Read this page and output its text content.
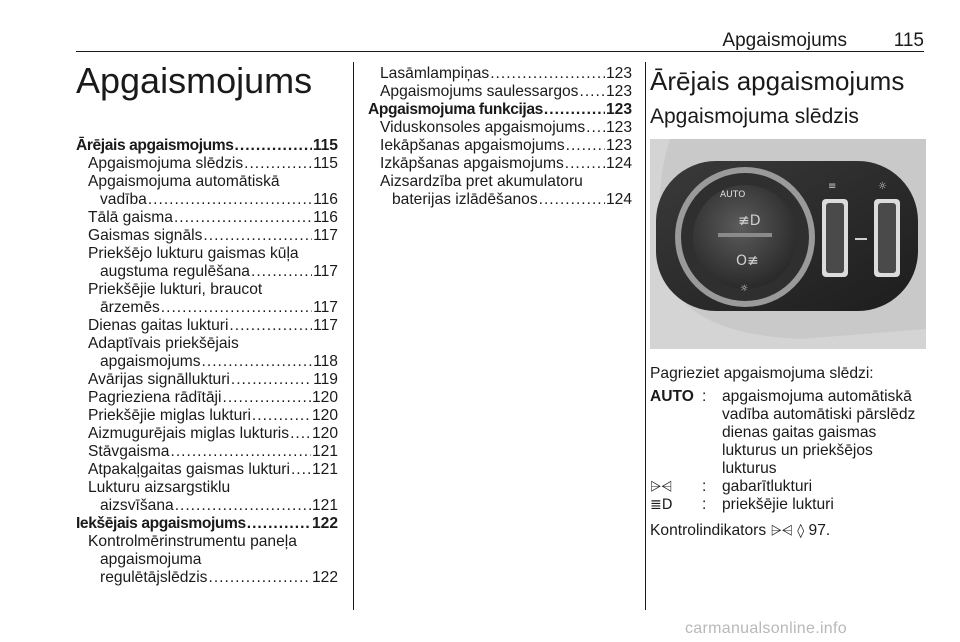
Apgaismojums 115
Apgaismojums
Ārējais apgaismojums .....	115
Apgaismojuma slēdzis .....	115
Apgaismojuma automātiskā
vadība .....	116
Tālā gaisma .....	116
Gaismas signāls .....	117
Priekšējo lukturu gaismas kūļa
augstuma regulēšana .....	117
Priekšējie lukturi, braucot
ārzemēs .....	117
Dienas gaitas lukturi .....	117
Adaptīvais priekšējais
apgaismojums .....	118
Avārijas signāllukturi .....	119
Pagrieziena rādītāji .....	120
Priekšējie miglas lukturi .....	120
Aizmugurējais miglas lukturis ..... 120
Stāvgaisma .....	121
Atpakaļgaitas gaismas lukturi ..... 121
Lukturu aizsargstiklu
aizsvīšana .....	121
Iekšējais apgaismojums .....	122
Kontrolmērinstrumentu paneļa
apgaismojuma
regulētājslēdzis .....	122
Lasāmlampiņas .....	123
Apgaismojums saulessargos ..... 123
Apgaismojuma funkcijas .....	123
Viduskonsoles apgaismojums ..... 123
Iekāpšanas apgaismojums .....	123
Izkāpšanas apgaismojums .....	124
Aizsardzība pret akumulatoru
baterijas izlādēšanos .....	124
Ārējais apgaismojums
Apgaismojuma slēdzis
AUTO
≢D
O≢
☼
≡	☼
Pagrieziet apgaismojuma slēdzi:
AUTO :	apgaismojuma automātiskā
vadība automātiski pārslēdz
dienas gaitas gaismas
lukturus un priekšējos
lukturus
⩥⩤	:	gabarītlukturi
≣D	:	priekšējie lukturi
Kontrolindikators ⩥⩤ ◊ 97.
carmanualsonline.info
